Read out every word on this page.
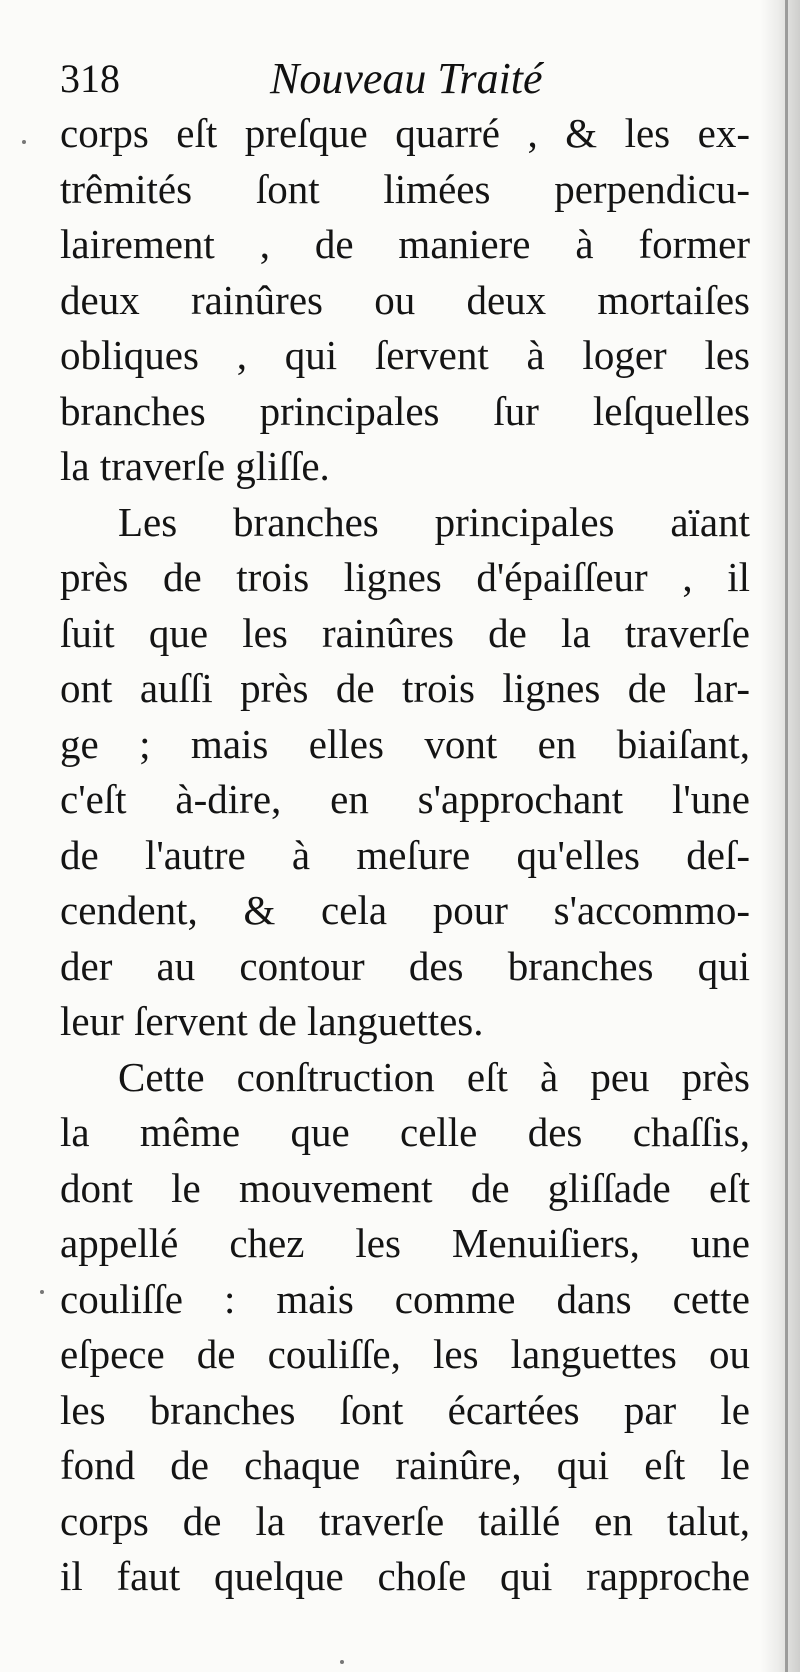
318	Nouveau Traité
corps eſt preſque quarré , & les ex-
trêmités ſont limées perpendicu-
lairement , de maniere à former
deux rainûres ou deux mortaiſes
obliques , qui ſervent à loger les
branches principales ſur leſquelles
la traverſe gliſſe.
Les branches principales aïant
près de trois lignes d'épaiſſeur , il
ſuit que les rainûres de la traverſe
ont auſſi près de trois lignes de lar-
ge ; mais elles vont en biaiſant,
c'eſt à-dire, en s'approchant l'une
de l'autre à meſure qu'elles deſ-
cendent, & cela pour s'accommo-
der au contour des branches qui
leur ſervent de languettes.
Cette conſtruction eſt à peu près
la même que celle des chaſſis,
dont le mouvement de gliſſade eſt
appellé chez les Menuiſiers, une
couliſſe : mais comme dans cette
eſpece de couliſſe, les languettes ou
les branches ſont écartées par le
fond de chaque rainûre, qui eſt le
corps de la traverſe taillé en talut,
il faut quelque choſe qui rapproche
